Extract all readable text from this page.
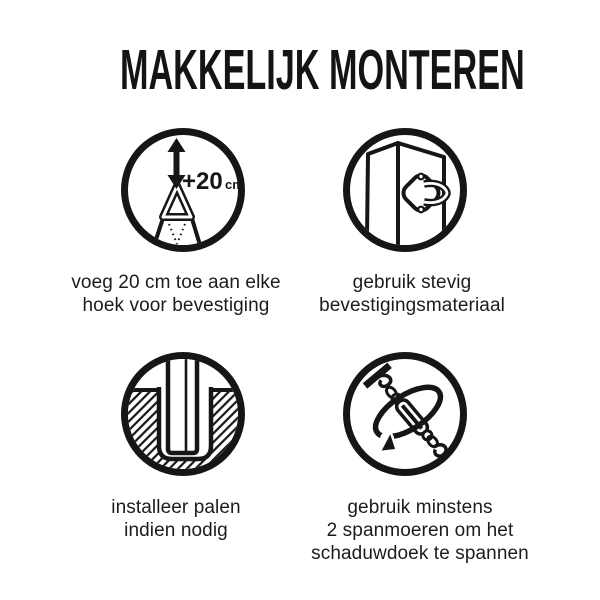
MAKKELIJK MONTEREN
+20 cm
voeg 20 cm toe aan elke
hoek voor bevestiging
gebruik stevig
bevestigingsmateriaal
installeer palen
indien nodig
gebruik minstens
2 spanmoeren om het
schaduwdoek te spannen
